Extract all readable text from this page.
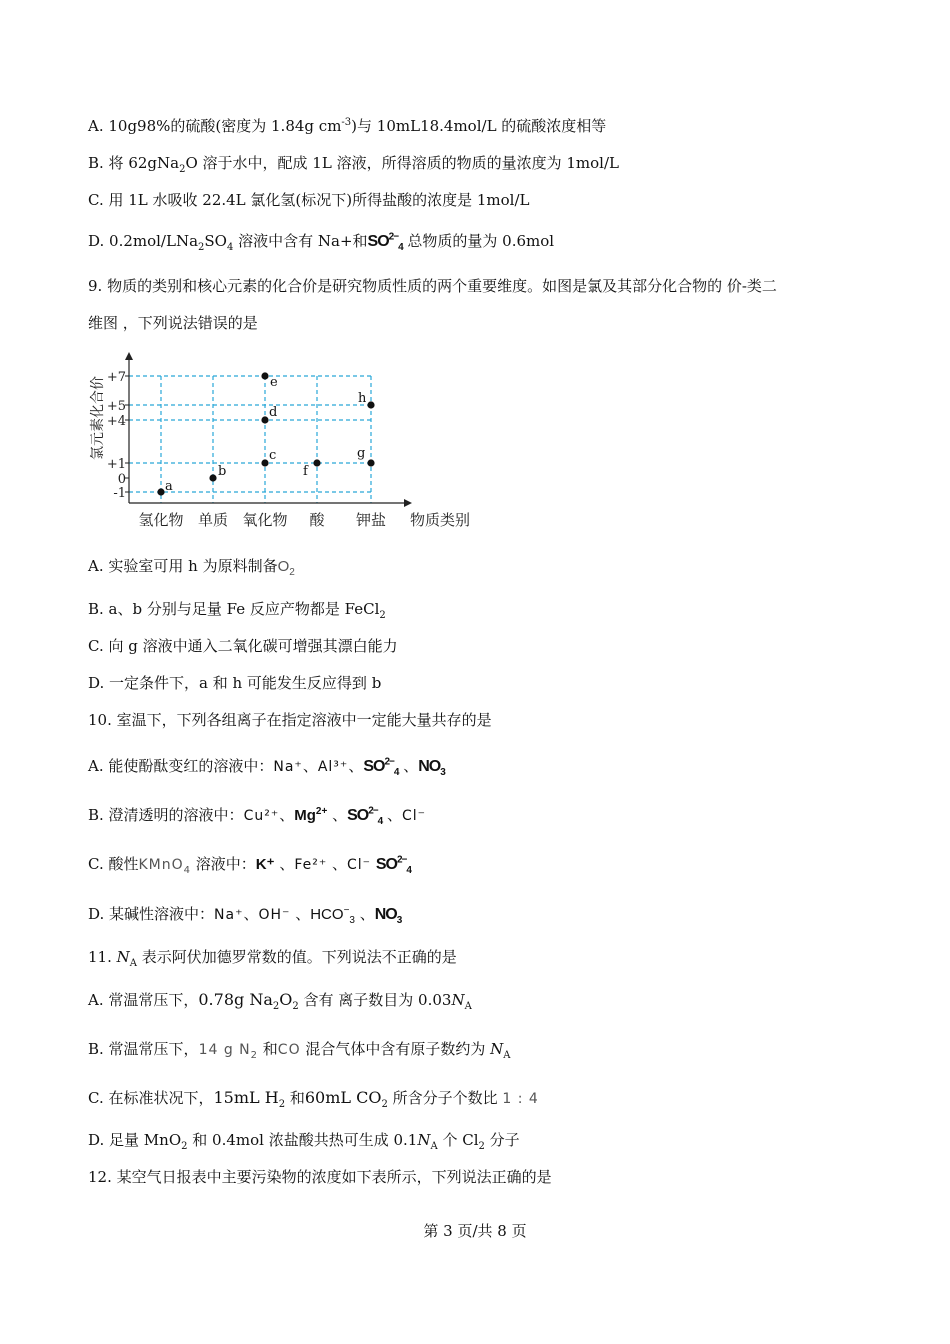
A. 10g98%的硫酸(密度为 1.84g $cm^{-3}$)与 10mL18.4mol/L 的硫酸浓度相等
B. 将 62gNa$_2$O 溶于水中，配成 1L 溶液，所得溶质的物质的量浓度为 1mol/L
C. 用 1L 水吸收 22.4L 氯化氢(标况下)所得盐酸的浓度是 1mol/L
D. $0.2mol/LNa_2SO_4$ 溶液中含有 Na+和$SO^{2-}_4$ 总物质的量为 0.6mol
9. 物质的类别和核心元素的化合价是研究物质性质的两个重要维度。如图是氯及其部分化合物的 价-类二
维图 ，下列说法错误的是
+7
+5
+4
+1
0
-1
氢化物 单质 氧化物 酸 钾盐
a
b
c
d
e
f
g
h
氯元素化合价
物质类别
A. 实验室可用 h 为原料制备$O_2$
B. a、b 分别与足量 Fe 反应产物都是 FeCl$_2$
C. 向 g 溶液中通入二氧化碳可增强其漂白能力
D. 一定条件下，a 和 h 可能发生反应得到 b
10. 室温下，下列各组离子在指定溶液中一定能大量共存的是
A. 能使酚酞变红的溶液中：Na⁺、Al³⁺、$SO^{2-}_4$ 、$NO_3$
B. 澄清透明的溶液中：Cu²⁺、$Mg^{2+}$ 、$SO^{2-}_4$ 、Cl⁻
C. 酸性KMnO$_4$ 溶液中：K⁺ 、Fe²⁺ 、Cl⁻ $SO^{2-}_4$
D. 某碱性溶液中：Na⁺、OH⁻ 、$HCO^-_3$ 、$NO_3$
11. $N_A$ 表示阿伏加德罗常数的值。下列说法不正确的是
A. 常温常压下，0.78g $Na_2O_2$ 含有 离子数目为 $0.03N_A$
B. 常温常压下，14 g $N_2$ 和CO 混合气体中含有原子数约为 $N_A$
C. 在标准状况下，15mL $H_2$ 和60mL $CO_2$ 所含分子个数比 1 : 4
D. 足量 MnO$_2$ 和 0.4mol 浓盐酸共热可生成 $0.1N_A$ 个 $Cl_2$ 分子
12. 某空气日报表中主要污染物的浓度如下表所示，下列说法正确的是
第 3 页/共 8 页
